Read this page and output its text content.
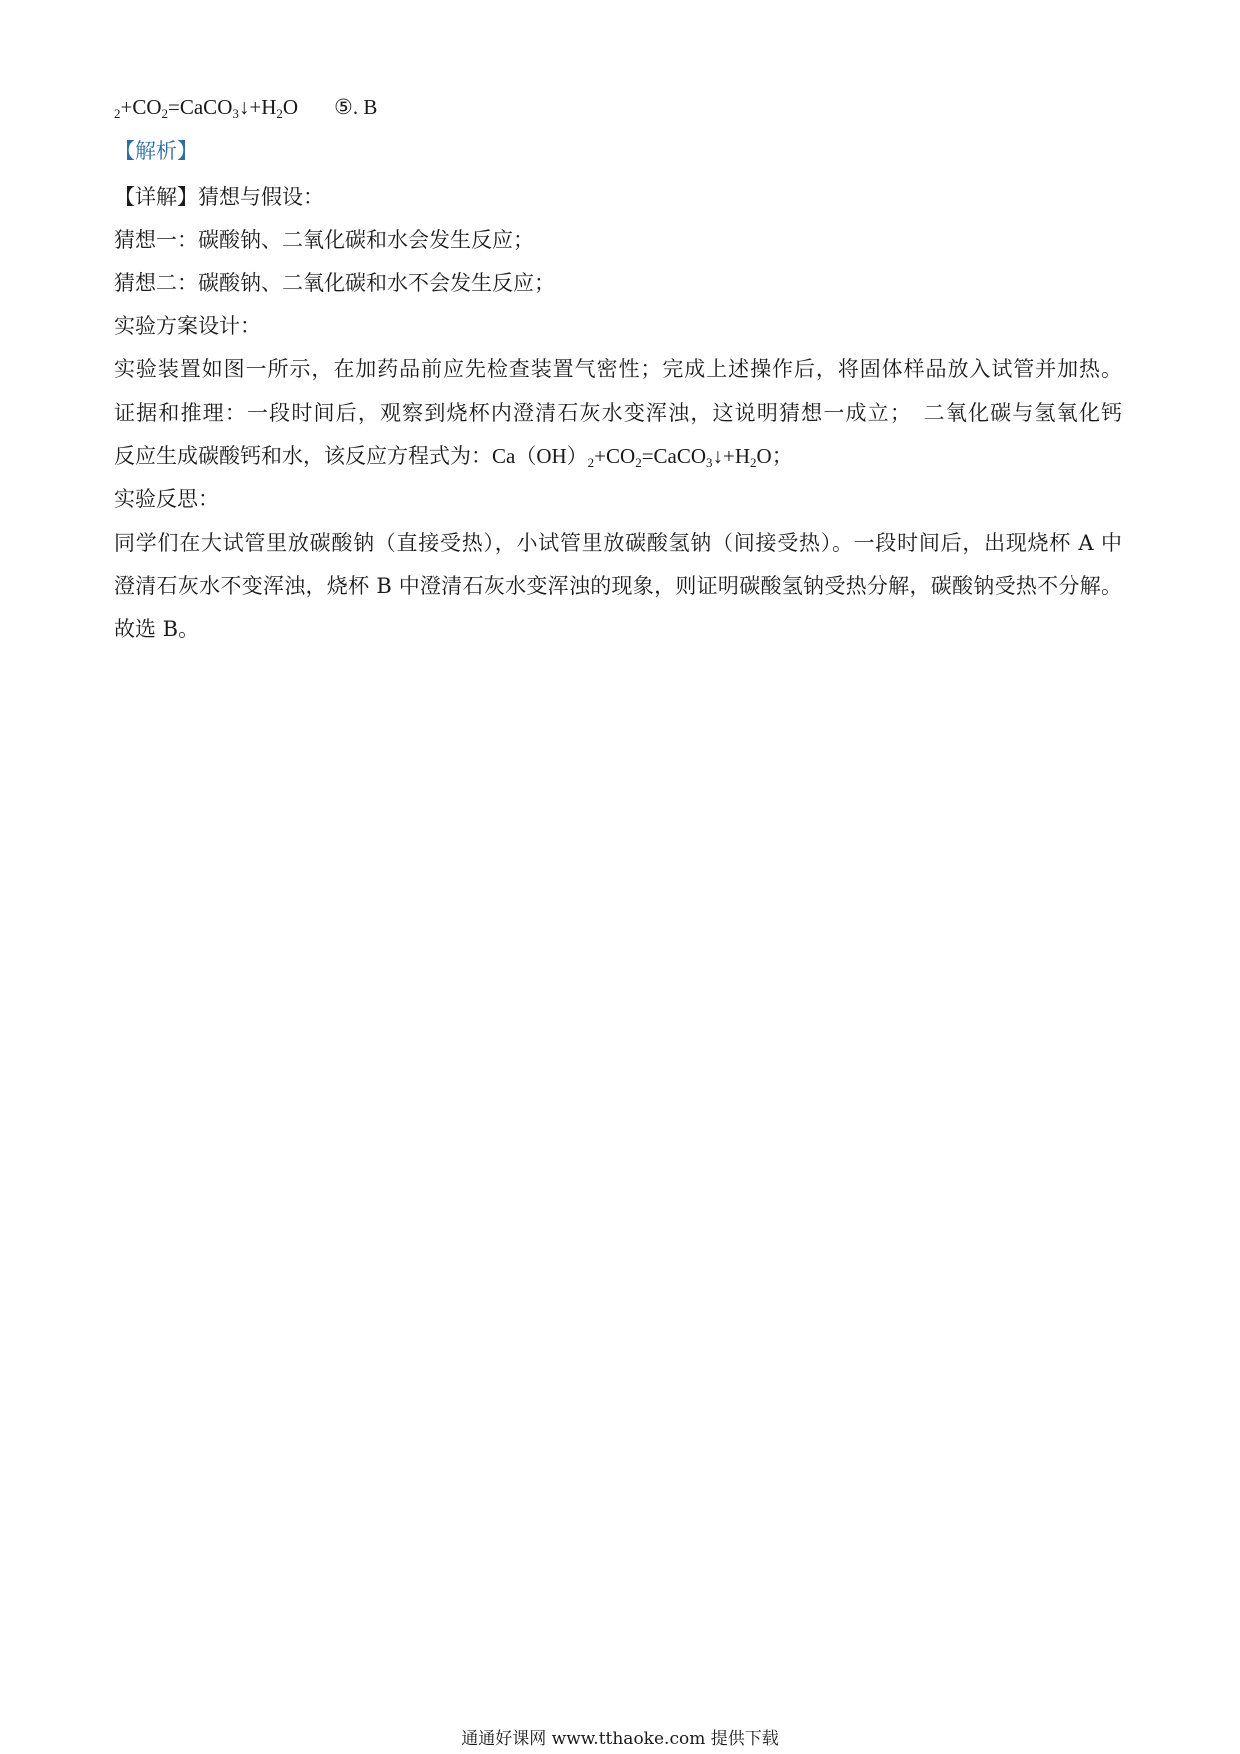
$_2+CO_2=CaCO_3↓+H_2O$ ⑤. B
【解析】
【详解】猜想与假设：
猜想一：碳酸钠、二氧化碳和水会发生反应；
猜想二：碳酸钠、二氧化碳和水不会发生反应；
实验方案设计：
实验装置如图一所示，在加药品前应先检查装置气密性；完成上述操作后，将固体样品放入试管并加热。
证据和推理：一段时间后，观察到烧杯内澄清石灰水变浑浊，这说明猜想一成立；　二氧化碳与氢氧化钙
反应生成碳酸钙和水，该反应方程式为：$Ca(OH)_2+CO_2=CaCO_3↓+H_2O$；
实验反思：
同学们在大试管里放碳酸钠（直接受热），小试管里放碳酸氢钠（间接受热）。一段时间后，出现烧杯 A 中
澄清石灰水不变浑浊，烧杯 B 中澄清石灰水变浑浊的现象，则证明碳酸氢钠受热分解，碳酸钠受热不分解。
故选 B。
通通好课网 www.tthaoke.com 提供下载
